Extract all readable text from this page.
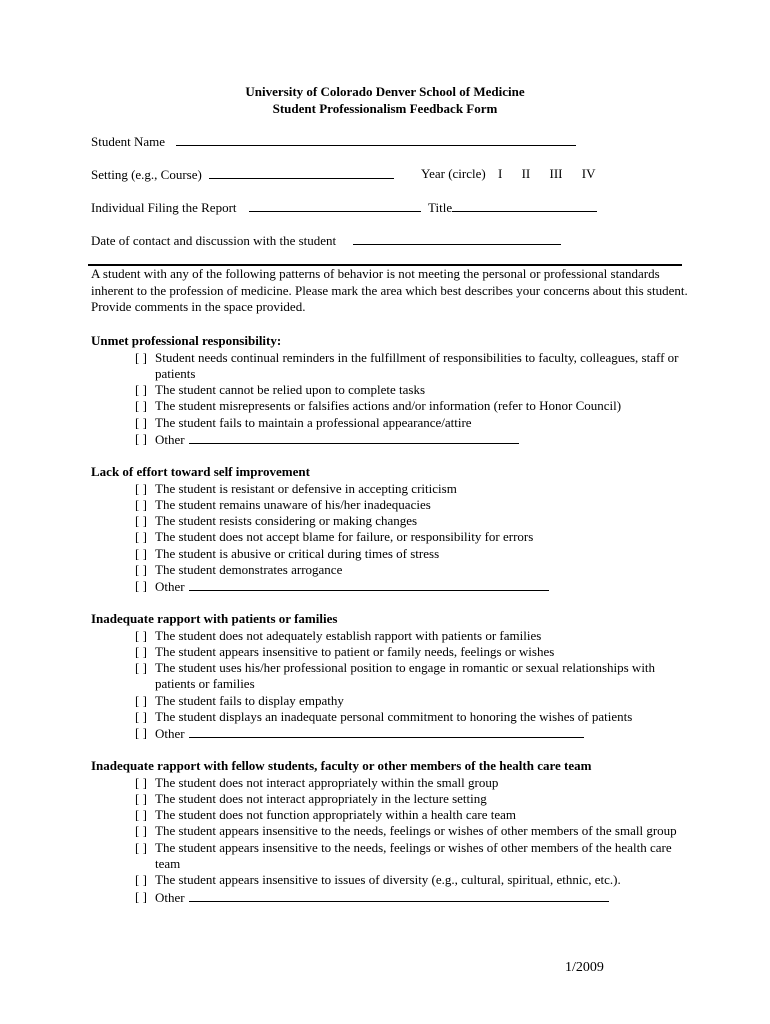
University of Colorado Denver School of Medicine
Student Professionalism Feedback Form
Student Name
Setting (e.g., Course)	Year (circle) I II III IV
Individual Filing the Report	Title
Date of contact and discussion with the student
A student with any of the following patterns of behavior is not meeting the personal or professional standards inherent to the profession of medicine. Please mark the area which best describes your concerns about this student. Provide comments in the space provided.
Unmet professional responsibility:
[ ] Student needs continual reminders in the fulfillment of responsibilities to faculty, colleagues, staff or patients
[ ] The student cannot be relied upon to complete tasks
[ ] The student misrepresents or falsifies actions and/or information (refer to Honor Council)
[ ] The student fails to maintain a professional appearance/attire
[ ] Other
Lack of effort toward self improvement
[ ] The student is resistant or defensive in accepting criticism
[ ] The student remains unaware of his/her inadequacies
[ ] The student resists considering or making changes
[ ] The student does not accept blame for failure, or responsibility for errors
[ ] The student is abusive or critical during times of stress
[ ] The student demonstrates arrogance
[ ] Other
Inadequate rapport with patients or families
[ ] The student does not adequately establish rapport with patients or families
[ ] The student appears insensitive to patient or family needs, feelings or wishes
[ ] The student uses his/her professional position to engage in romantic or sexual relationships with patients or families
[ ] The student fails to display empathy
[ ] The student displays an inadequate personal commitment to honoring the wishes of patients
[ ] Other
Inadequate rapport with fellow students, faculty or other members of the health care team
[ ] The student does not interact appropriately within the small group
[ ] The student does not interact appropriately in the lecture setting
[ ] The student does not function appropriately within a health care team
[ ] The student appears insensitive to the needs, feelings or wishes of other members of the small group
[ ] The student appears insensitive to the needs, feelings or wishes of other members of the health care team
[ ] The student appears insensitive to issues of diversity (e.g., cultural, spiritual, ethnic, etc.).
[ ] Other
1/2009
